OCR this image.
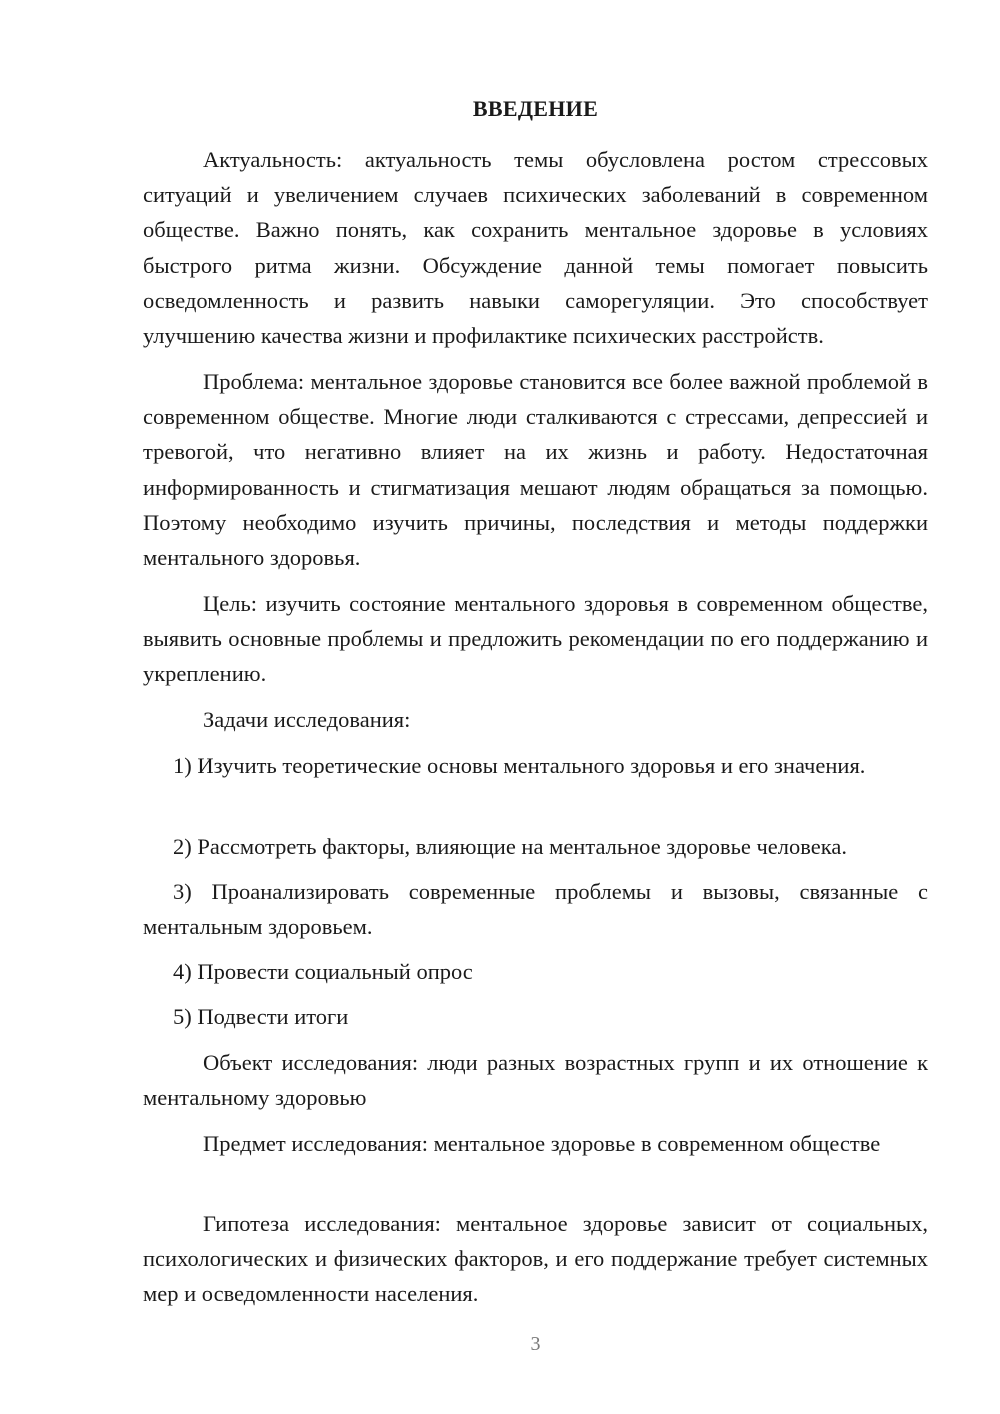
ВВЕДЕНИЕ

Актуальность: актуальность темы обусловлена ростом стрессовых ситуаций и увеличением случаев психических заболеваний в современном обществе. Важно понять, как сохранить ментальное здоровье в условиях быстрого ритма жизни. Обсуждение данной темы помогает повысить осведомленность и развить навыки саморегуляции. Это способствует улучшению качества жизни и профилактике психических расстройств.

Проблема: ментальное здоровье становится все более важной проблемой в современном обществе. Многие люди сталкиваются с стрессами, депрессией и тревогой, что негативно влияет на их жизнь и работу. Недостаточная информированность и стигматизация мешают людям обращаться за помощью. Поэтому необходимо изучить причины, последствия и методы поддержки ментального здоровья.

Цель: изучить состояние ментального здоровья в современном обществе, выявить основные проблемы и предложить рекомендации по его поддержанию и укреплению.

Задачи исследования:

1) Изучить теоретические основы ментального здоровья и его значения.

2) Рассмотреть факторы, влияющие на ментальное здоровье человека.

3) Проанализировать современные проблемы и вызовы, связанные с ментальным здоровьем.

4) Провести социальный опрос

5) Подвести итоги

Объект исследования: люди разных возрастных групп и их отношение к ментальному здоровью

Предмет исследования: ментальное здоровье в современном обществе

Гипотеза исследования: ментальное здоровье зависит от социальных, психологических и физических факторов, и его поддержание требует системных мер и осведомленности населения.

3
